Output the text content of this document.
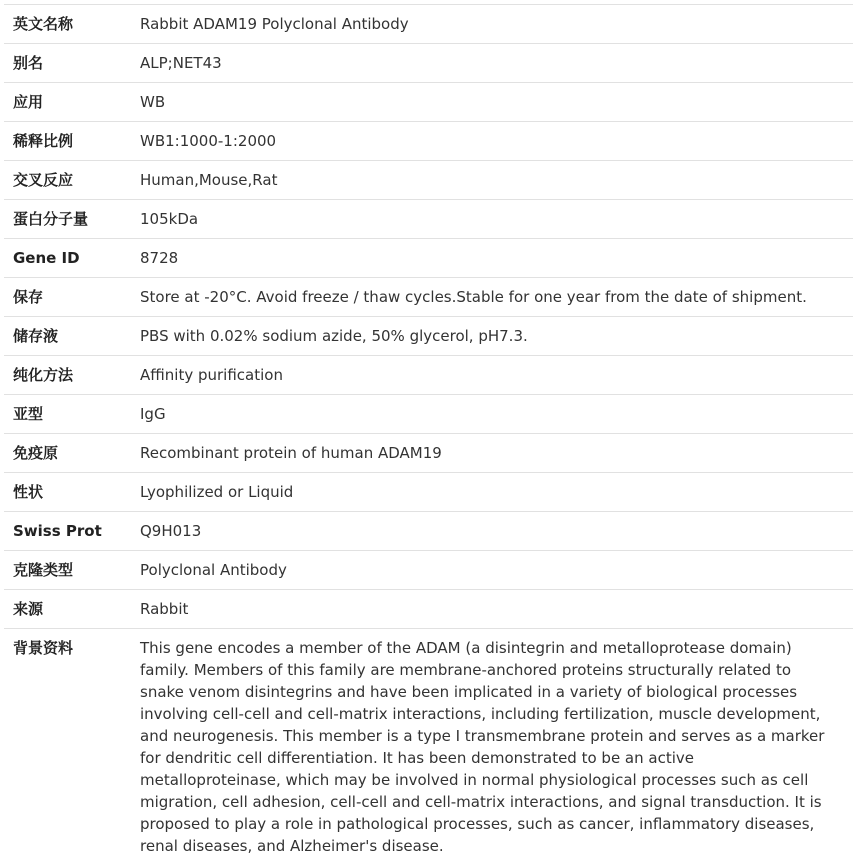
英文名称	Rabbit ADAM19 Polyclonal Antibody
别名	ALP;NET43
应用	WB
稀释比例	WB1:1000-1:2000
交叉反应	Human,Mouse,Rat
蛋白分子量	105kDa
Gene ID	8728
保存	Store at -20°C. Avoid freeze / thaw cycles.Stable for one year from the date of shipment.
储存液	PBS with 0.02% sodium azide, 50% glycerol, pH7.3.
纯化方法	Affinity purification
亚型	IgG
免疫原	Recombinant protein of human ADAM19
性状	Lyophilized or Liquid
Swiss Prot	Q9H013
克隆类型	Polyclonal Antibody
来源	Rabbit
背景资料	This gene encodes a member of the ADAM (a disintegrin and metalloprotease domain) family. Members of this family are membrane-anchored proteins structurally related to snake venom disintegrins and have been implicated in a variety of biological processes involving cell-cell and cell-matrix interactions, including fertilization, muscle development, and neurogenesis. This member is a type I transmembrane protein and serves as a marker for dendritic cell differentiation. It has been demonstrated to be an active metalloproteinase, which may be involved in normal physiological processes such as cell migration, cell adhesion, cell-cell and cell-matrix interactions, and signal transduction. It is proposed to play a role in pathological processes, such as cancer, inflammatory diseases, renal diseases, and Alzheimer's disease.
